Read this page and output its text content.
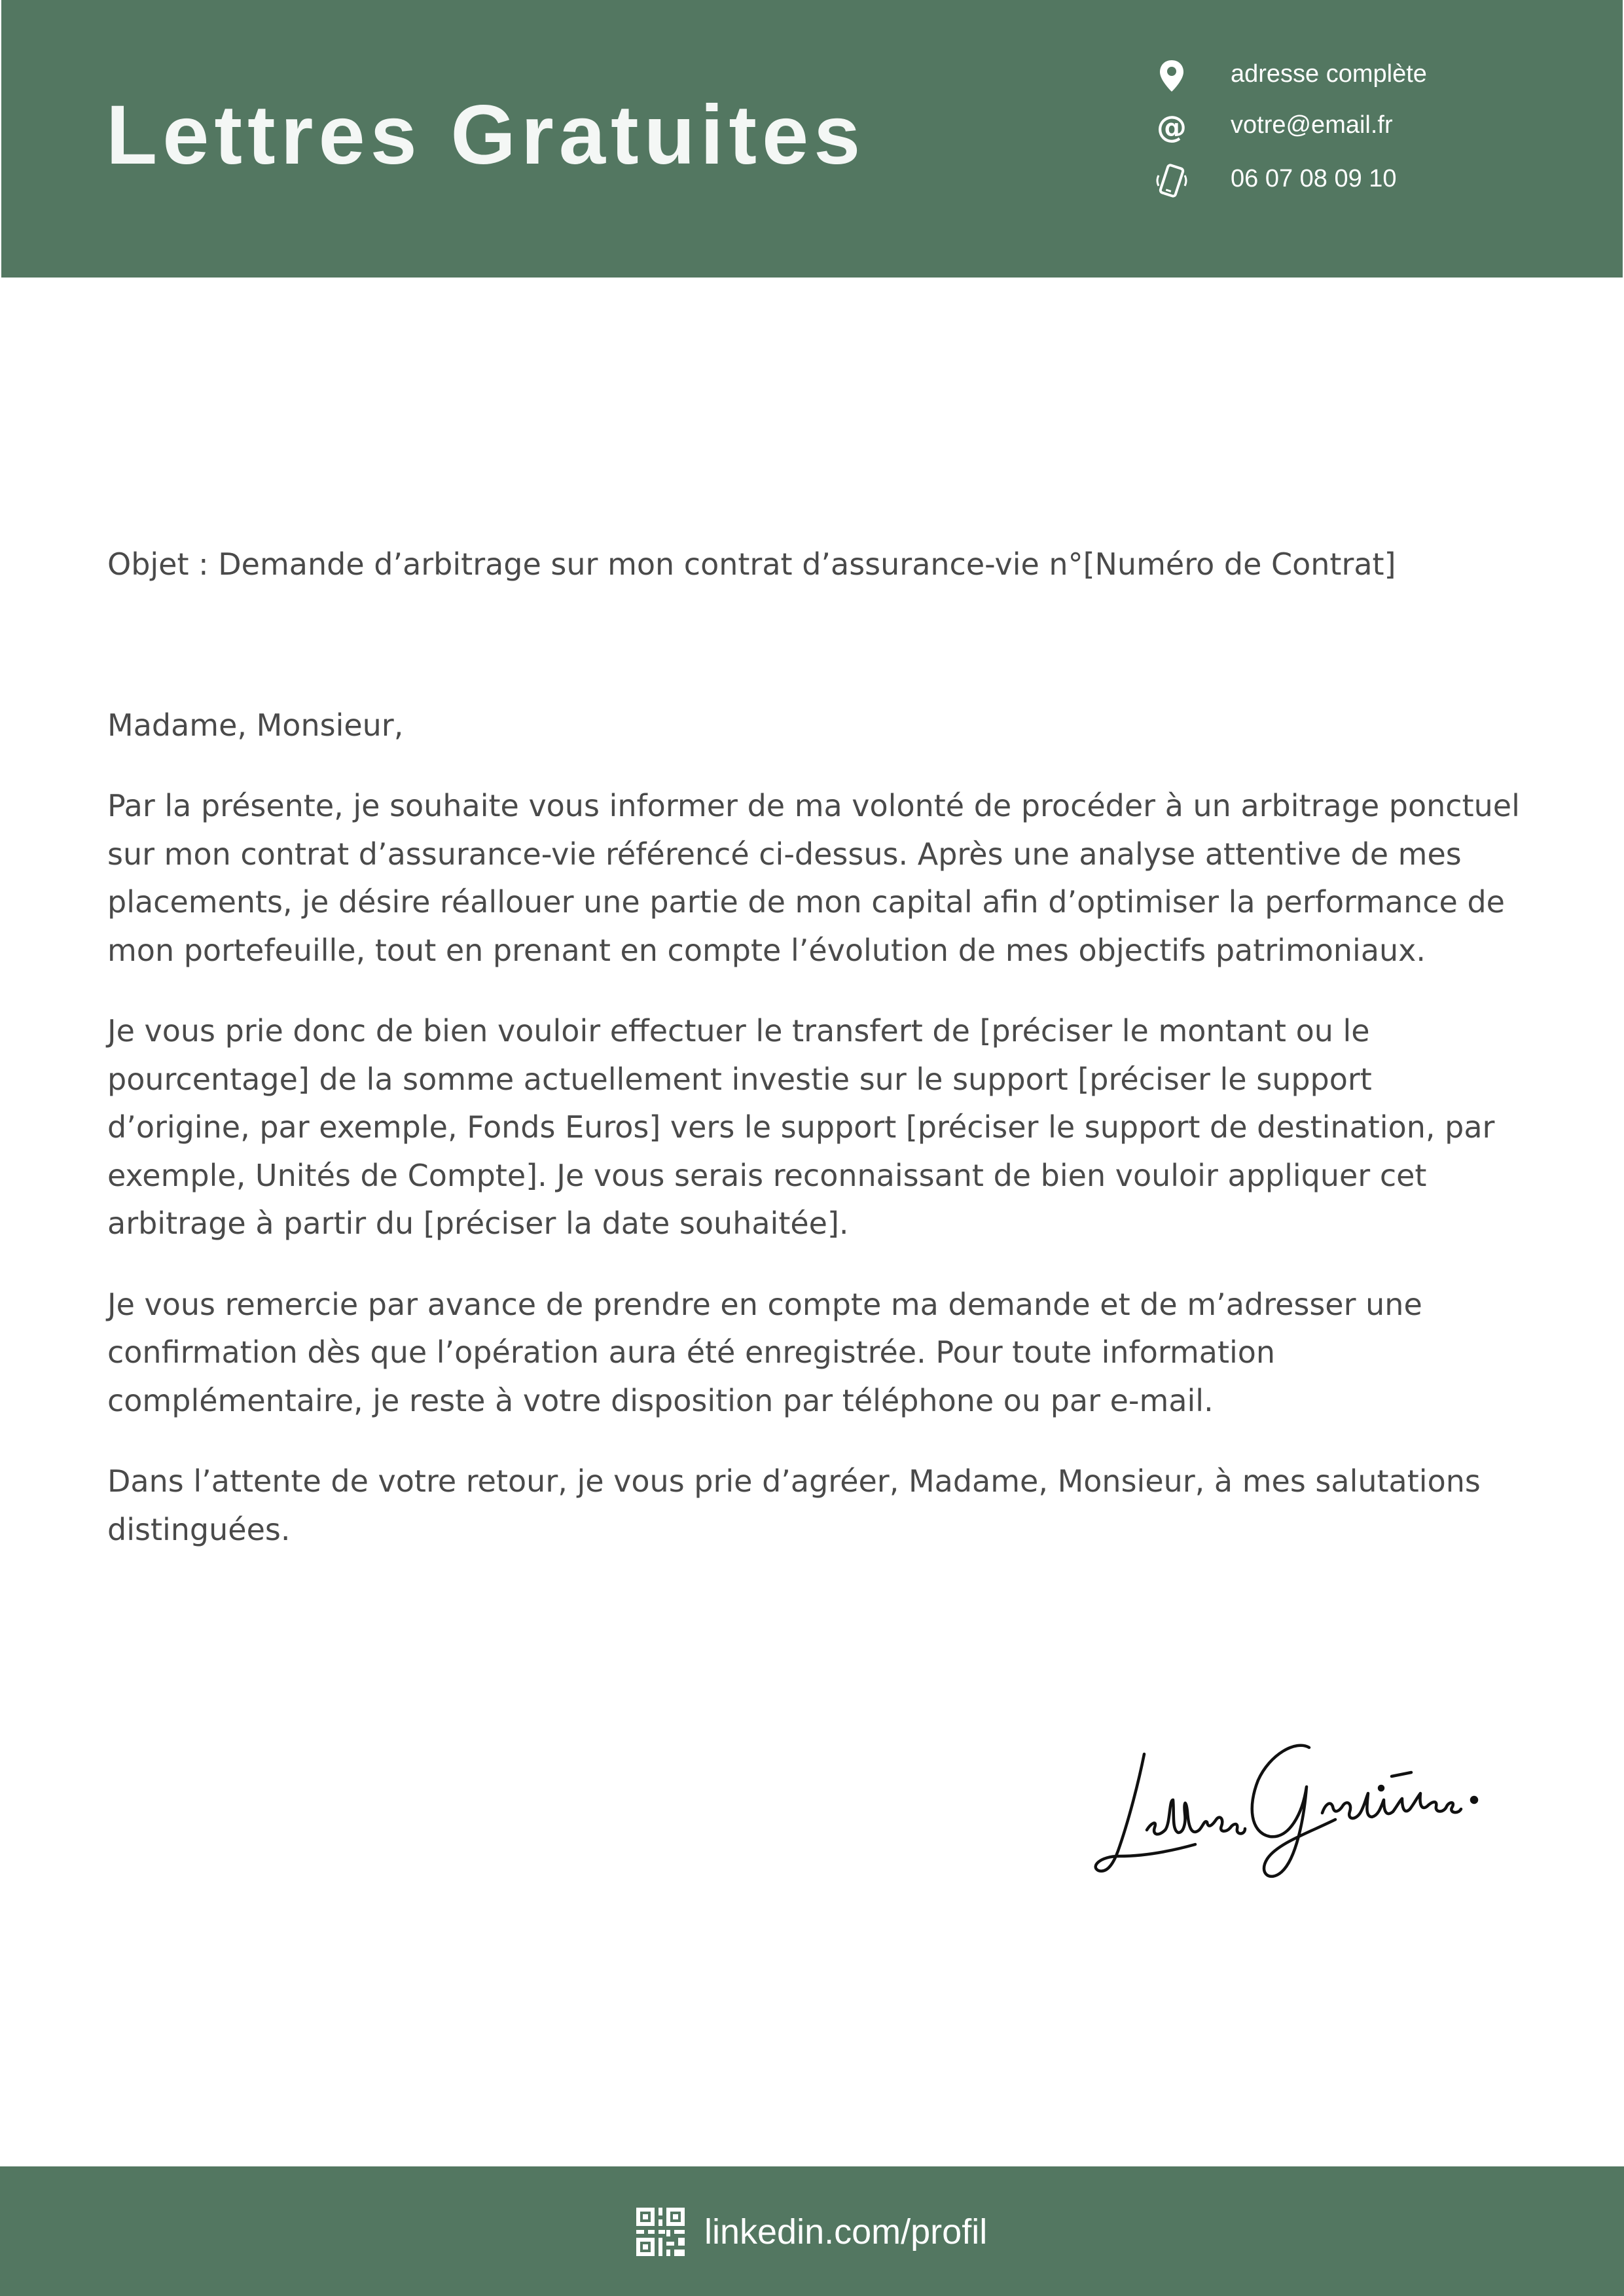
Lettres Gratuites
adresse complète
@ votre@email.fr
06 07 08 09 10

Objet : Demande d’arbitrage sur mon contrat d’assurance-vie n°[Numéro de Contrat]

Madame, Monsieur,

Par la présente, je souhaite vous informer de ma volonté de procéder à un arbitrage ponctuel sur mon contrat d’assurance-vie référencé ci-dessus. Après une analyse attentive de mes placements, je désire réallouer une partie de mon capital afin d’optimiser la performance de mon portefeuille, tout en prenant en compte l’évolution de mes objectifs patrimoniaux.

Je vous prie donc de bien vouloir effectuer le transfert de [préciser le montant ou le pourcentage] de la somme actuellement investie sur le support [préciser le support d’origine, par exemple, Fonds Euros] vers le support [préciser le support de destination, par exemple, Unités de Compte]. Je vous serais reconnaissant de bien vouloir appliquer cet arbitrage à partir du [préciser la date souhaitée].

Je vous remercie par avance de prendre en compte ma demande et de m’adresser une confirmation dès que l’opération aura été enregistrée. Pour toute information complémentaire, je reste à votre disposition par téléphone ou par e-mail.

Dans l’attente de votre retour, je vous prie d’agréer, Madame, Monsieur, à mes salutations distinguées.

linkedin.com/profil
